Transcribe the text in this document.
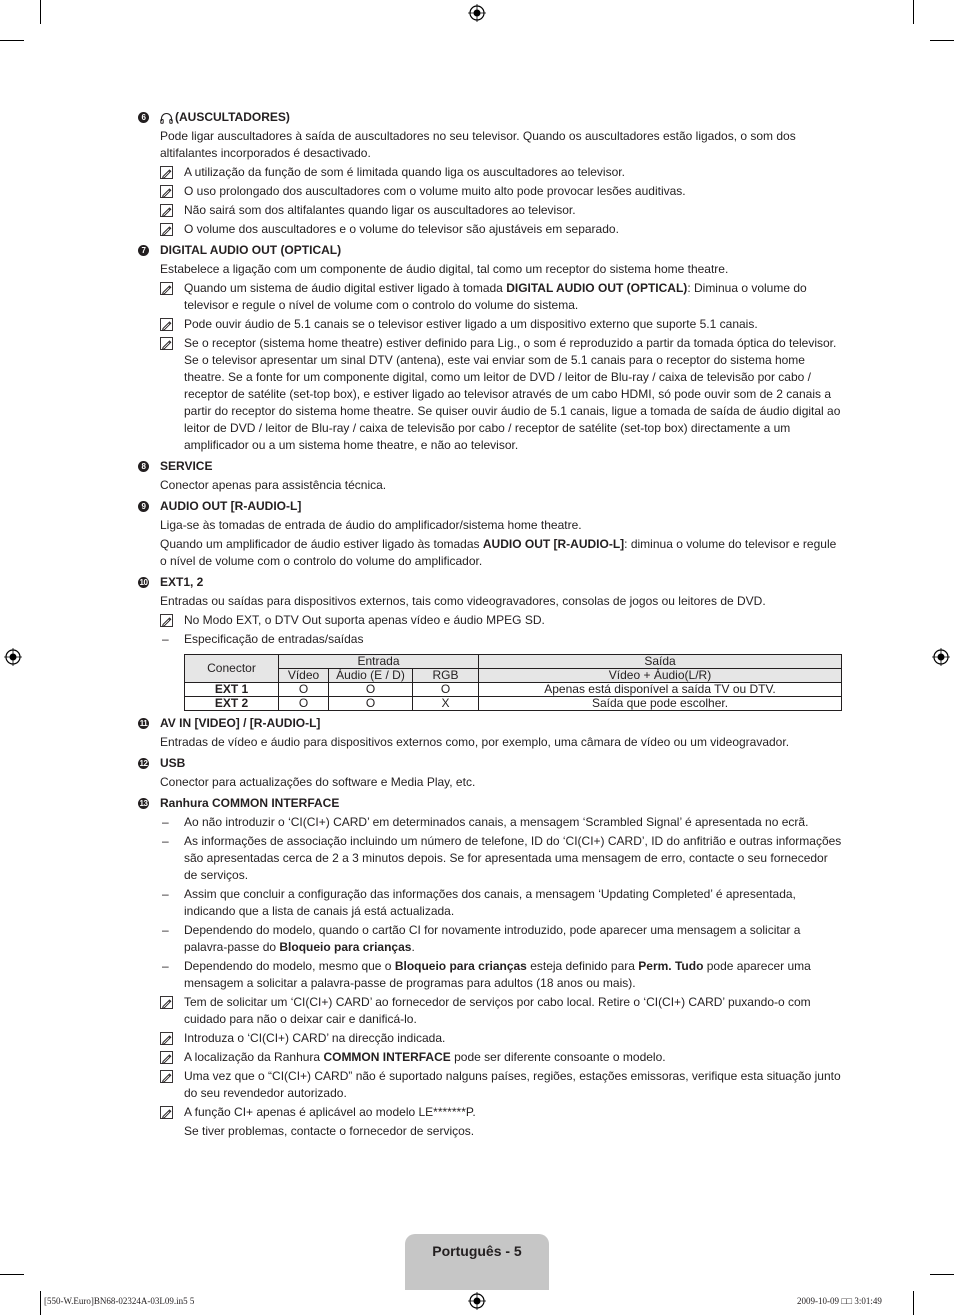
6 (AUSCULTADORES)
Pode ligar auscultadores à saída de auscultadores no seu televisor. Quando os auscultadores estão ligados, o som dos altifalantes incorporados é desactivado.
A utilização da função de som é limitada quando liga os auscultadores ao televisor.
O uso prolongado dos auscultadores com o volume muito alto pode provocar lesões auditivas.
Não sairá som dos altifalantes quando ligar os auscultadores ao televisor.
O volume dos auscultadores e o volume do televisor são ajustáveis em separado.
7 DIGITAL AUDIO OUT (OPTICAL)
Estabelece a ligação com um componente de áudio digital, tal como um receptor do sistema home theatre.
Quando um sistema de áudio digital estiver ligado à tomada DIGITAL AUDIO OUT (OPTICAL): Diminua o volume do televisor e regule o nível de volume com o controlo do volume do sistema.
Pode ouvir áudio de 5.1 canais se o televisor estiver ligado a um dispositivo externo que suporte 5.1 canais.
Se o receptor (sistema home theatre) estiver definido para Lig., o som é reproduzido a partir da tomada óptica do televisor. Se o televisor apresentar um sinal DTV (antena), este vai enviar som de 5.1 canais para o receptor do sistema home theatre. Se a fonte for um componente digital, como um leitor de DVD / leitor de Blu-ray / caixa de televisão por cabo / receptor de satélite (set-top box), e estiver ligado ao televisor através de um cabo HDMI, só pode ouvir som de 2 canais a partir do receptor do sistema home theatre. Se quiser ouvir áudio de 5.1 canais, ligue a tomada de saída de áudio digital ao leitor de DVD / leitor de Blu-ray / caixa de televisão por cabo / receptor de satélite (set-top box) directamente a um amplificador ou a um sistema home theatre, e não ao televisor.
8 SERVICE
Conector apenas para assistência técnica.
9 AUDIO OUT [R-AUDIO-L]
Liga-se às tomadas de entrada de áudio do amplificador/sistema home theatre.
Quando um amplificador de áudio estiver ligado às tomadas AUDIO OUT [R-AUDIO-L]: diminua o volume do televisor e regule o nível de volume com o controlo do volume do amplificador.
10 EXT1, 2
Entradas ou saídas para dispositivos externos, tais como videogravadores, consolas de jogos ou leitores de DVD.
No Modo EXT, o DTV Out suporta apenas vídeo e áudio MPEG SD.
– Especificação de entradas/saídas
Conector	Entrada			Saída
	Vídeo	Áudio (E / D)	RGB	Vídeo + Áudio(L/R)
EXT 1	O	O	O	Apenas está disponível a saída TV ou DTV.
EXT 2	O	O	X	Saída que pode escolher.
11 AV IN [VIDEO] / [R-AUDIO-L]
Entradas de vídeo e áudio para dispositivos externos como, por exemplo, uma câmara de vídeo ou um videogravador.
12 USB
Conector para actualizações do software e Media Play, etc.
13 Ranhura COMMON INTERFACE
– Ao não introduzir o ‘CI(CI+) CARD’ em determinados canais, a mensagem ‘Scrambled Signal’ é apresentada no ecrã.
– As informações de associação incluindo um número de telefone, ID do ‘CI(CI+) CARD’, ID do anfitrião e outras informações são apresentadas cerca de 2 a 3 minutos depois. Se for apresentada uma mensagem de erro, contacte o seu fornecedor de serviços.
– Assim que concluir a configuração das informações dos canais, a mensagem ‘Updating Completed’ é apresentada, indicando que a lista de canais já está actualizada.
– Dependendo do modelo, quando o cartão CI for novamente introduzido, pode aparecer uma mensagem a solicitar a palavra-passe do Bloqueio para crianças.
– Dependendo do modelo, mesmo que o Bloqueio para crianças esteja definido para Perm. Tudo pode aparecer uma mensagem a solicitar a palavra-passe de programas para adultos (18 anos ou mais).
Tem de solicitar um ‘CI(CI+) CARD’ ao fornecedor de serviços por cabo local. Retire o ‘CI(CI+) CARD’ puxando-o com cuidado para não o deixar cair e danificá-lo.
Introduza o ‘CI(CI+) CARD’ na direcção indicada.
A localização da Ranhura COMMON INTERFACE pode ser diferente consoante o modelo.
Uma vez que o “CI(CI+) CARD” não é suportado nalguns países, regiões, estações emissoras, verifique esta situação junto do seu revendedor autorizado.
A função CI+ apenas é aplicável ao modelo LE*******P.
Se tiver problemas, contacte o fornecedor de serviços.
Português - 5
[550-W.Euro]BN68-02324A-03L09.in5 5	2009-10-09 □□ 3:01:49
